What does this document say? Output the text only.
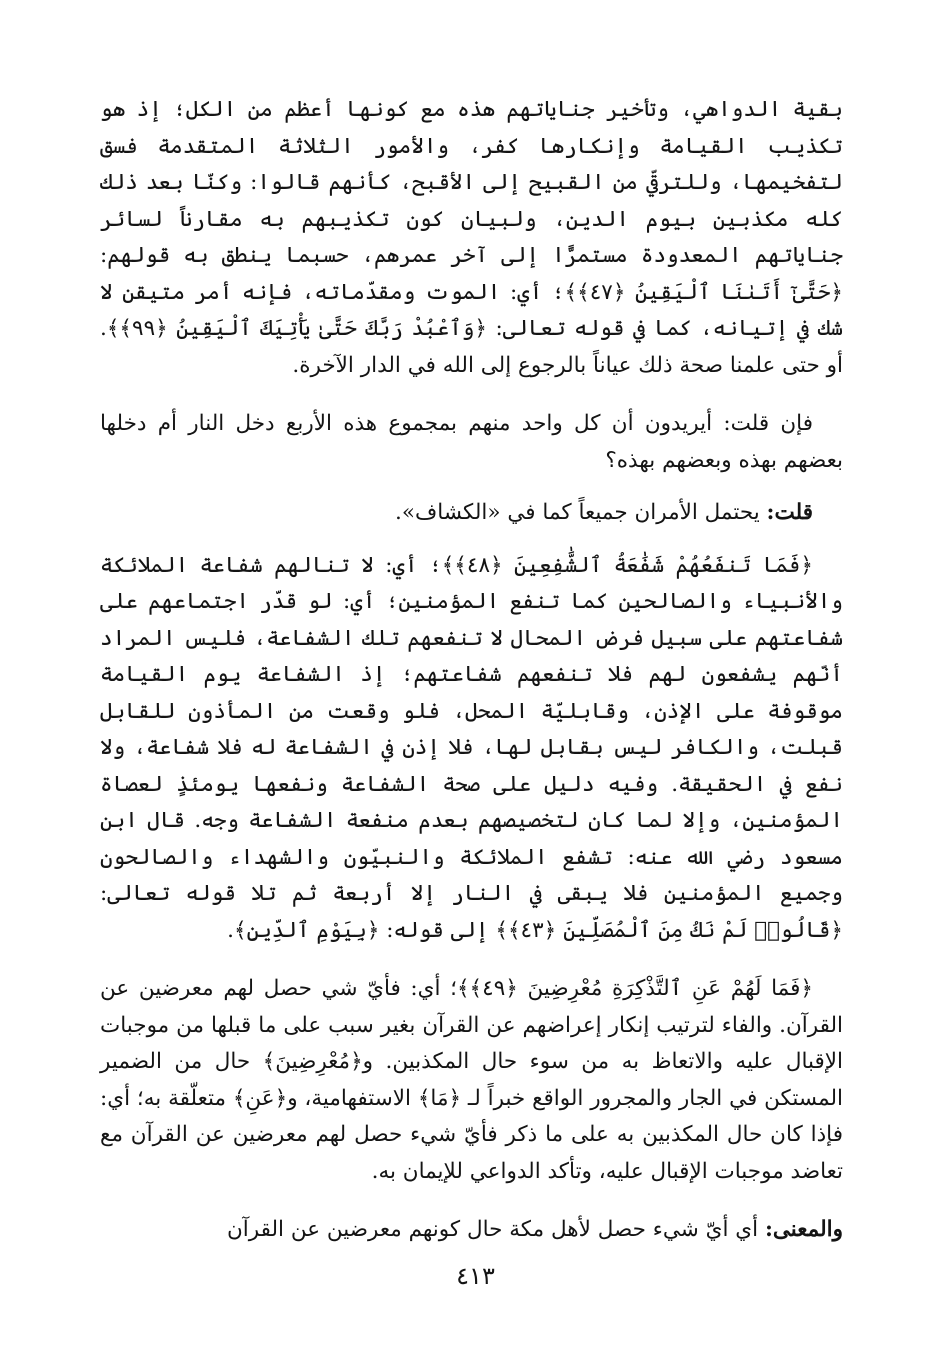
بقية الدواهي، وتأخير جناياتهم هذه مع كونها أعظم من الكل؛ إذ هو تكذيب القيامة وإنكارها كفر، والأمور الثلاثة المتقدمة فسق لتفخيمها، وللترقّي من القبيح إلى الأقبح، كأنهم قالوا: وكنّا بعد ذلك كله مكذبين بيوم الدين، ولبيان كون تكذيبهم به مقارناً لسائر جناياتهم المعدودة مستمرًّا إلى آخر عمرهم، حسبما ينطق به قولهم: ﴿حَتَّىٰٓ أَتَىٰنَا ٱلْيَقِينُ ﴿٤٧﴾﴾؛ أي: الموت ومقدّماته، فإنه أمر متيقن لا شك في إتيانه، كما في قوله تعالى: ﴿وَٱعْبُدْ رَبَّكَ حَتَّىٰ يَأْتِيَكَ ٱلْيَقِينُ ﴿٩٩﴾﴾. أو حتى علمنا صحة ذلك عياناً بالرجوع إلى الله في الدار الآخرة.

فإن قلت: أيريدون أن كل واحد منهم بمجموع هذه الأربع دخل النار أم دخلها بعضهم بهذه وبعضهم بهذه؟

قلت: يحتمل الأمران جميعاً كما في «الكشاف».

﴿فَمَا تَنفَعُهُمْ شَفَٰعَةُ ٱلشَّٰفِعِينَ ﴿٤٨﴾﴾؛ أي: لا تنالهم شفاعة الملائكة والأنبياء والصالحين كما تنفع المؤمنين؛ أي: لو قدّر اجتماعهم على شفاعتهم على سبيل فرض المحال لا تنفعهم تلك الشفاعة، فليس المراد أنّهم يشفعون لهم فلا تنفعهم شفاعتهم؛ إذ الشفاعة يوم القيامة موقوفة على الإذن، وقابليّة المحل، فلو وقعت من المأذون للقابل قبلت، والكافر ليس بقابل لها، فلا إذن في الشفاعة له فلا شفاعة، ولا نفع في الحقيقة. وفيه دليل على صحة الشفاعة ونفعها يومئذٍ لعصاة المؤمنين، وإلا لما كان لتخصيصهم بعدم منفعة الشفاعة وجه. قال ابن مسعود رضي الله عنه: تشفع الملائكة والنبيّون والشهداء والصالحون وجميع المؤمنين فلا يبقى في النار إلا أربعة ثم تلا قوله تعالى: ﴿قَالُوا۟ لَمْ نَكُ مِنَ ٱلْمُصَلِّينَ ﴿٤٣﴾﴾ إلى قوله: ﴿بِيَوْمِ ٱلدِّينِ﴾.

﴿فَمَا لَهُمْ عَنِ ٱلتَّذْكِرَةِ مُعْرِضِينَ ﴿٤٩﴾﴾؛ أي: فأيّ شي حصل لهم معرضين عن القرآن. والفاء لترتيب إنكار إعراضهم عن القرآن بغير سبب على ما قبلها من موجبات الإقبال عليه والاتعاظ به من سوء حال المكذبين. و﴿مُعْرِضِينَ﴾ حال من الضمير المستكن في الجار والمجرور الواقع خبراً لـ ﴿مَا﴾ الاستفهامية، و﴿عَنِ﴾ متعلّقة به؛ أي: فإذا كان حال المكذبين به على ما ذكر فأيّ شيء حصل لهم معرضين عن القرآن مع تعاضد موجبات الإقبال عليه، وتأكد الدواعي للإيمان به.

والمعنى: أي أيّ شيء حصل لأهل مكة حال كونهم معرضين عن القرآن

٤١٣
